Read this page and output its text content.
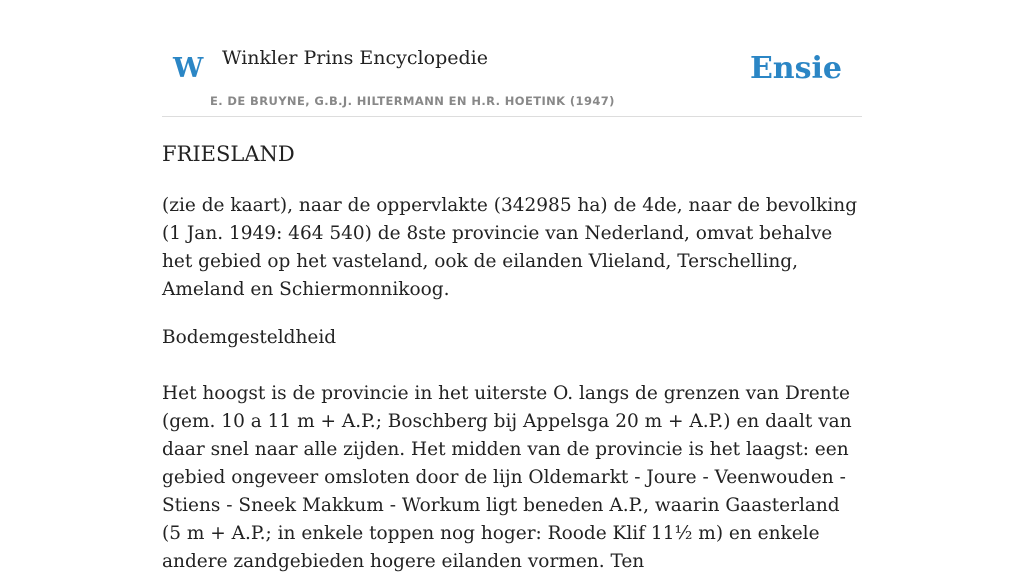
W Winkler Prins Encyclopedie
E. DE BRUYNE, G.B.J. HILTERMANN EN H.R. HOETINK (1947)
Ensie
FRIESLAND

(zie de kaart), naar de oppervlakte (342985 ha) de 4de, naar de bevolking (1 Jan. 1949: 464 540) de 8ste provincie van Nederland, omvat behalve het gebied op het vasteland, ook de eilanden Vlieland, Terschelling, Ameland en Schiermonnikoog.

Bodemgesteldheid

Het hoogst is de provincie in het uiterste O. langs de grenzen van Drente (gem. 10 a 11 m + A.P.; Boschberg bij Appelsga 20 m + A.P.) en daalt van daar snel naar alle zijden. Het midden van de provincie is het laagst: een gebied ongeveer omsloten door de lijn Oldemarkt - Joure - Veenwouden - Stiens - Sneek Makkum - Workum ligt beneden A.P., waarin Gaasterland (5 m + A.P.; in enkele toppen nog hoger: Roode Klif 11½ m) en enkele andere zandgebieden hogere eilanden vormen. Ten
